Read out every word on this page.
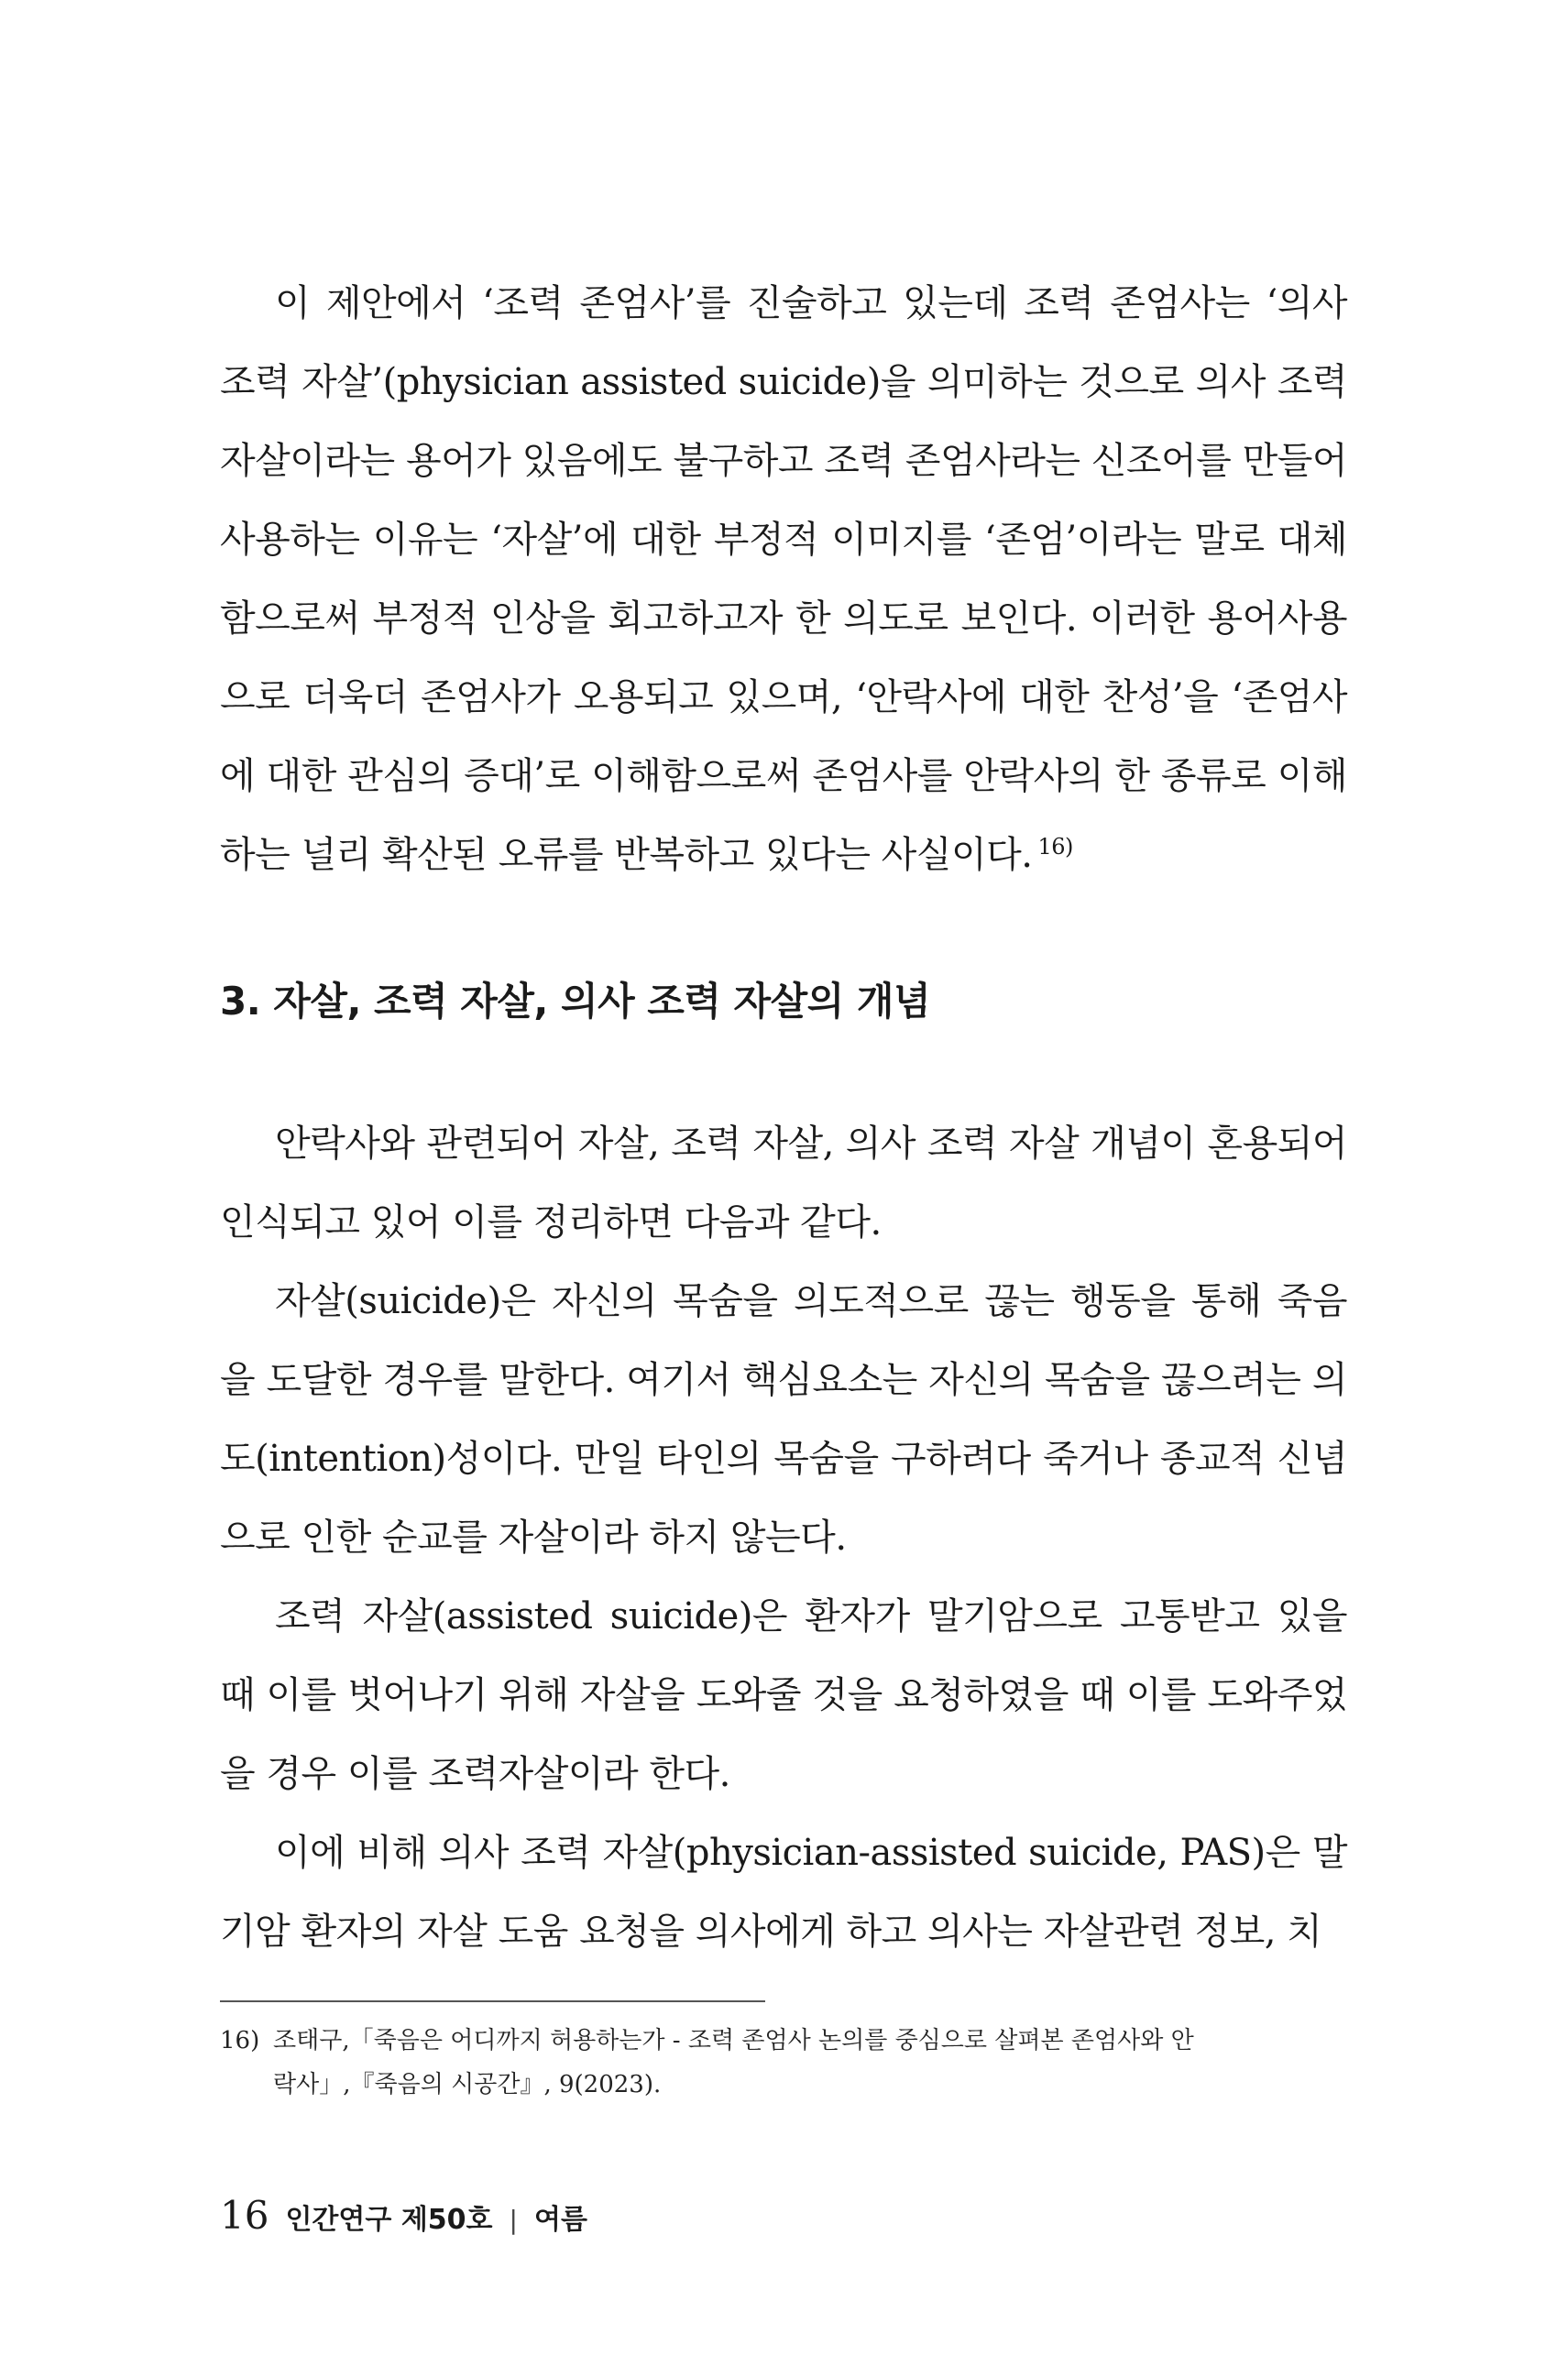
이 제안에서 ‘조력 존엄사’를 진술하고 있는데 조력 존엄사는 ‘의사 조력 자살’(physician assisted suicide)을 의미하는 것으로 의사 조력 자살이라는 용어가 있음에도 불구하고 조력 존엄사라는 신조어를 만들어 사용하는 이유는 ‘자살’에 대한 부정적 이미지를 ‘존엄’이라는 말로 대체함으로써 부정적 인상을 회고하고자 한 의도로 보인다. 이러한 용어사용으로 더욱더 존엄사가 오용되고 있으며, ‘안락사에 대한 찬성’을 ‘존엄사에 대한 관심의 증대’로 이해함으로써 존엄사를 안락사의 한 종류로 이해하는 널리 확산된 오류를 반복하고 있다는 사실이다. $^{16)}$

3. 자살, 조력 자살, 의사 조력 자살의 개념

안락사와 관련되어 자살, 조력 자살, 의사 조력 자살 개념이 혼용되어 인식되고 있어 이를 정리하면 다음과 같다.

자살(suicide)은 자신의 목숨을 의도적으로 끊는 행동을 통해 죽음을 도달한 경우를 말한다. 여기서 핵심요소는 자신의 목숨을 끊으려는 의도(intention)성이다. 만일 타인의 목숨을 구하려다 죽거나 종교적 신념으로 인한 순교를 자살이라 하지 않는다.

조력 자살(assisted suicide)은 환자가 말기암으로 고통받고 있을 때 이를 벗어나기 위해 자살을 도와줄 것을 요청하였을 때 이를 도와주었을 경우 이를 조력자살이라 한다.

이에 비해 의사 조력 자살(physician-assisted suicide, PAS)은 말기암 환자의 자살 도움 요청을 의사에게 하고 의사는 자살관련 정보, 치

16) 조태구,「죽음은 어디까지 허용하는가 - 조력 존엄사 논의를 중심으로 살펴본 존엄사와 안
락사」,『죽음의 시공간』, 9(2023).
16 인간연구 제50호 | 여름
